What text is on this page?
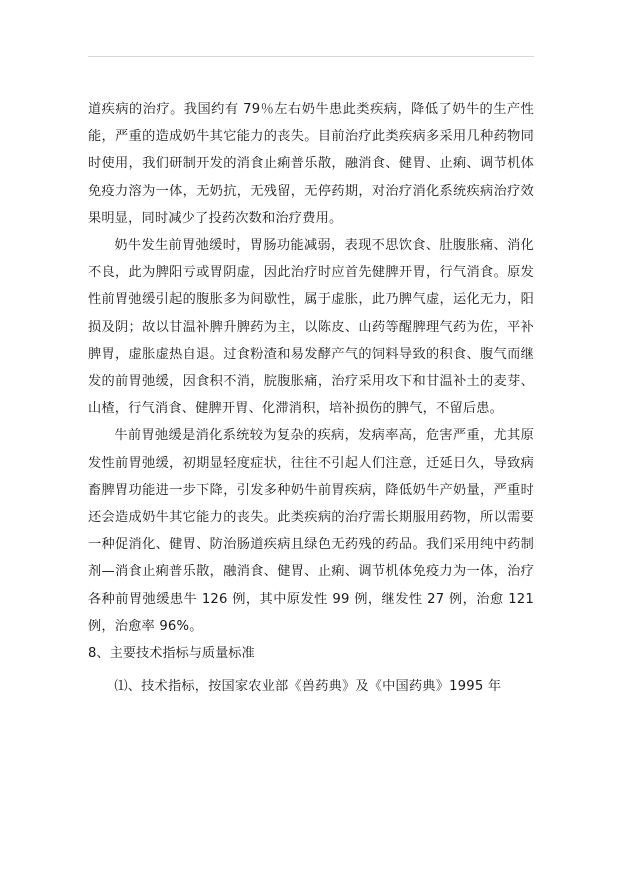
道疾病的治疗。我国约有 79％左右奶牛患此类疾病，降低了奶牛的生产性能，严重的造成奶牛其它能力的丧失。目前治疗此类疾病多采用几种药物同时使用，我们研制开发的消食止痢普乐散，融消食、健胃、止痢、调节机体免疫力溶为一体，无奶抗，无残留，无停药期，对治疗消化系统疾病治疗效果明显，同时减少了投药次数和治疗费用。

奶牛发生前胃弛缓时，胃肠功能减弱，表现不思饮食、肚腹胀痛、消化不良，此为脾阳亏或胃阴虚，因此治疗时应首先健脾开胃，行气消食。原发性前胃弛缓引起的腹胀多为间歇性，属于虚胀，此乃脾气虚，运化无力，阳损及阴；故以甘温补脾升脾药为主，以陈皮、山药等醒脾理气药为佐，平补脾胃，虚胀虚热自退。过食粉渣和易发酵产气的饲料导致的积食、腹气而继发的前胃弛缓，因食积不消，脘腹胀痛，治疗采用攻下和甘温补土的麦芽、山楂，行气消食、健脾开胃、化滞消积，培补损伤的脾气，不留后患。

牛前胃弛缓是消化系统较为复杂的疾病，发病率高，危害严重，尤其原发性前胃弛缓，初期显轻度症状，往往不引起人们注意，迁延日久，导致病畜脾胃功能进一步下降，引发多种奶牛前胃疾病，降低奶牛产奶量，严重时还会造成奶牛其它能力的丧失。此类疾病的治疗需长期服用药物，所以需要一种促消化、健胃、防治肠道疾病且绿色无药残的药品。我们采用纯中药制剂—消食止痢普乐散，融消食、健胃、止痢、调节机体免疫力为一体，治疗各种前胃弛缓患牛 126 例，其中原发性 99 例，继发性 27 例，治愈 121 例，治愈率 96%。

8、主要技术指标与质量标准

⑴、技术指标，按国家农业部《兽药典》及《中国药典》1995 年
